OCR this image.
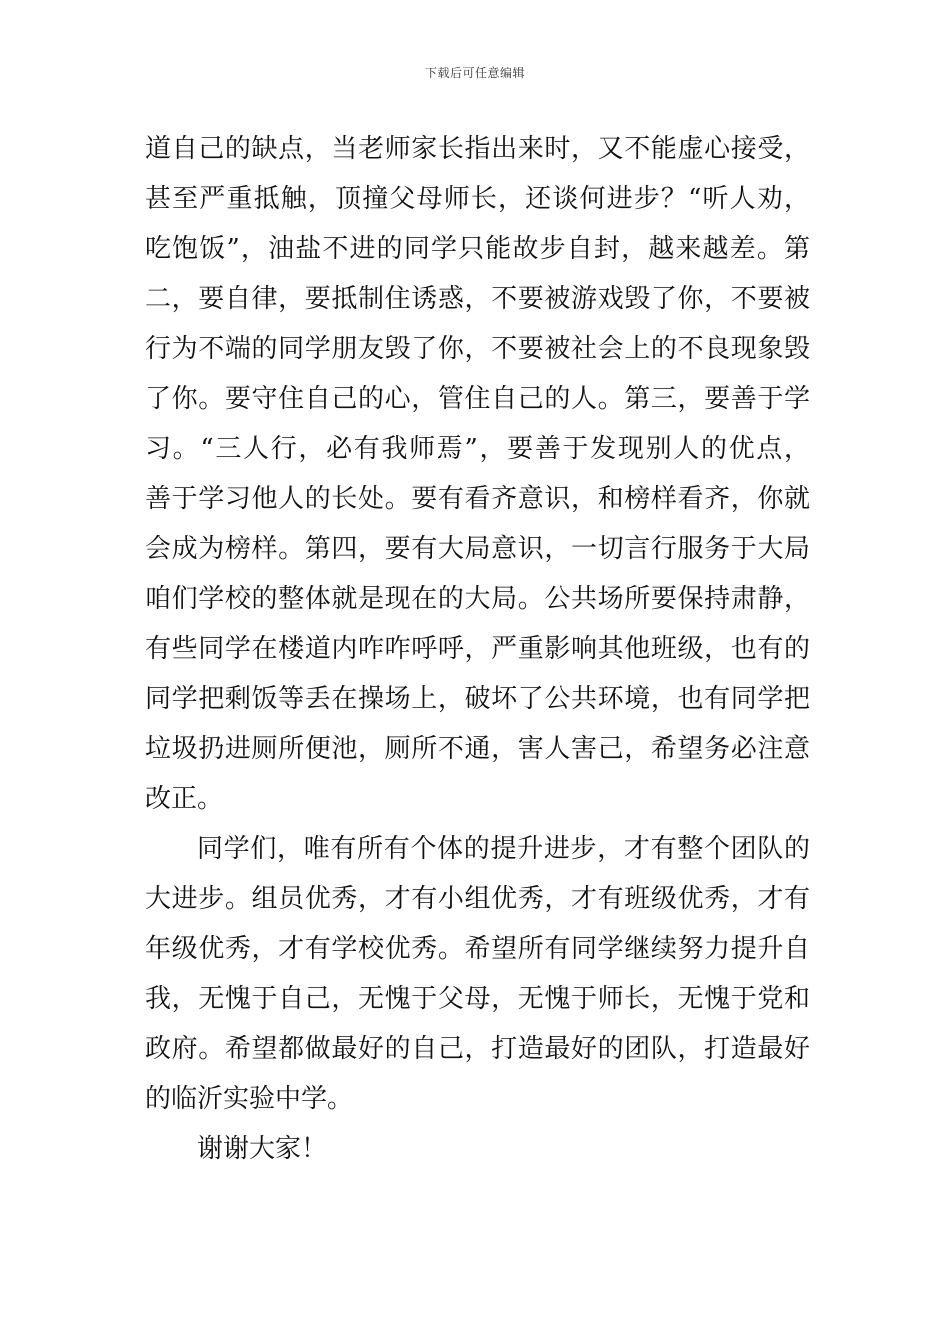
下载后可任意编辑

道自己的缺点，当老师家长指出来时，又不能虚心接受，

甚至严重抵触，顶撞父母师长，还谈何进步？“听人劝，

吃饱饭”，油盐不进的同学只能故步自封，越来越差。第

二，要自律，要抵制住诱惑，不要被游戏毁了你，不要被

行为不端的同学朋友毁了你，不要被社会上的不良现象毁

了你。要守住自己的心，管住自己的人。第三，要善于学

习。“三人行，必有我师焉”，要善于发现别人的优点，

善于学习他人的长处。要有看齐意识，和榜样看齐，你就

会成为榜样。第四，要有大局意识，一切言行服务于大局

咱们学校的整体就是现在的大局。公共场所要保持肃静，

有些同学在楼道内咋咋呼呼，严重影响其他班级，也有的

同学把剩饭等丢在操场上，破坏了公共环境，也有同学把

垃圾扔进厕所便池，厕所不通，害人害己，希望务必注意

改正。

同学们，唯有所有个体的提升进步，才有整个团队的

大进步。组员优秀，才有小组优秀，才有班级优秀，才有

年级优秀，才有学校优秀。希望所有同学继续努力提升自

我，无愧于自己，无愧于父母，无愧于师长，无愧于党和

政府。希望都做最好的自己，打造最好的团队，打造最好

的临沂实验中学。

谢谢大家！
